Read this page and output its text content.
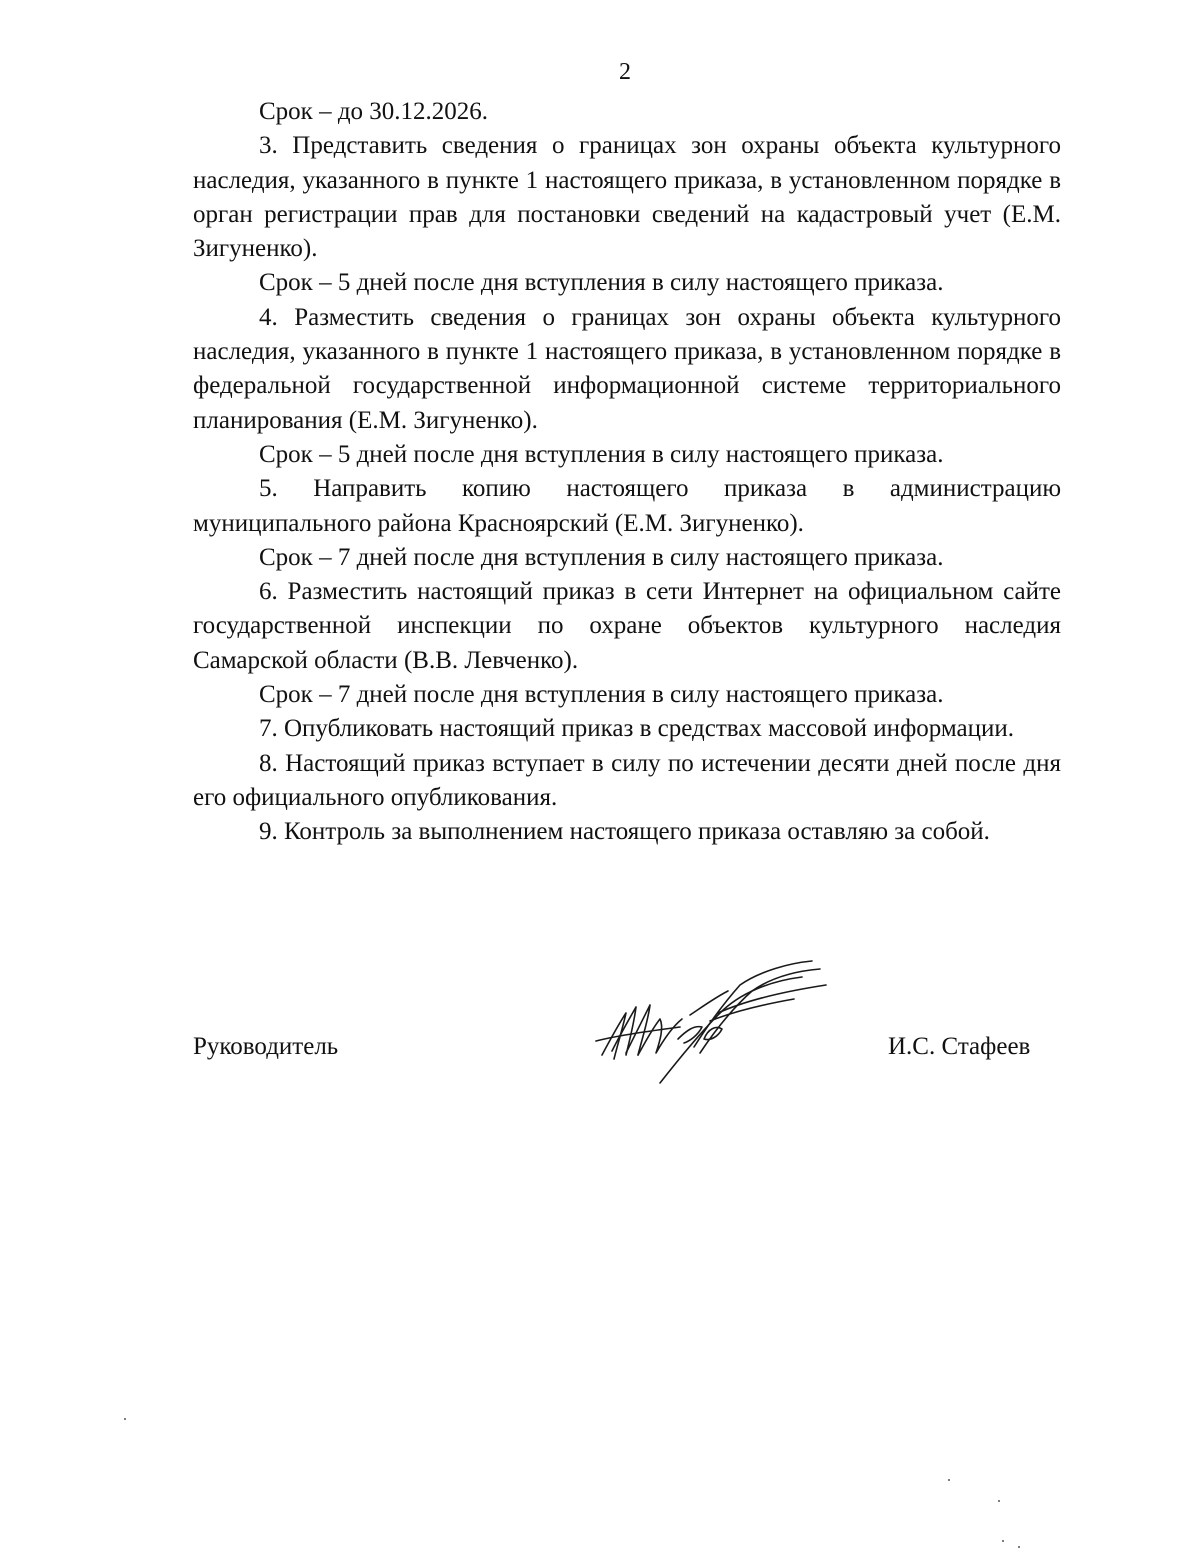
2

Срок – до 30.12.2026.

3. Представить сведения о границах зон охраны объекта культурного наследия, указанного в пункте 1 настоящего приказа, в установленном порядке в орган регистрации прав для постановки сведений на кадастровый учет (Е.М. Зигуненко).

Срок – 5 дней после дня вступления в силу настоящего приказа.

4. Разместить сведения о границах зон охраны объекта культурного наследия, указанного в пункте 1 настоящего приказа, в установленном порядке в федеральной государственной информационной системе территориального планирования (Е.М. Зигуненко).

Срок – 5 дней после дня вступления в силу настоящего приказа.

5. Направить копию настоящего приказа в администрацию муниципального района Красноярский (Е.М. Зигуненко).

Срок – 7 дней после дня вступления в силу настоящего приказа.

6. Разместить настоящий приказ в сети Интернет на официальном сайте государственной инспекции по охране объектов культурного наследия Самарской области (В.В. Левченко).

Срок – 7 дней после дня вступления в силу настоящего приказа.

7. Опубликовать настоящий приказ в средствах массовой информации.

8. Настоящий приказ вступает в силу по истечении десяти дней после дня его официального опубликования.

9. Контроль за выполнением настоящего приказа оставляю за собой.

Руководитель	И.С. Стафеев
